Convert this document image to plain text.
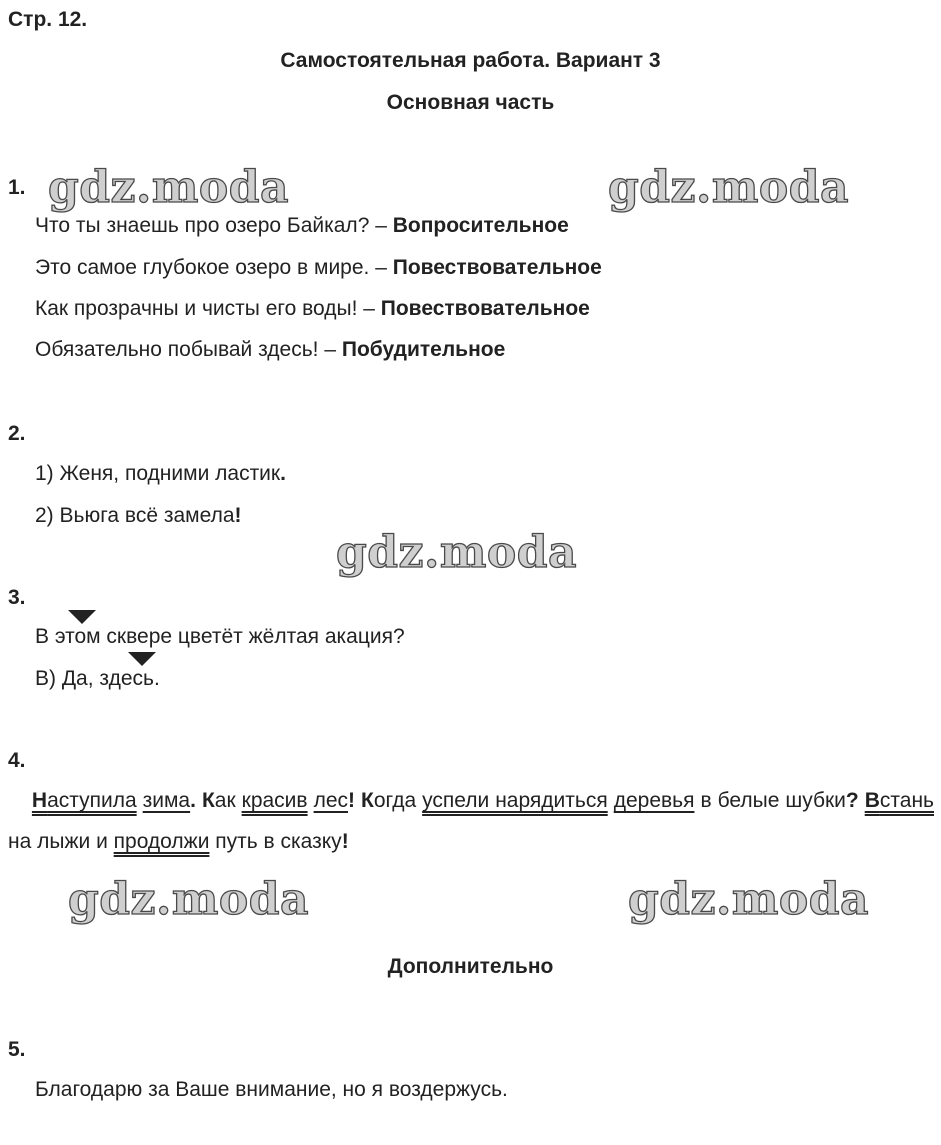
Стр. 12.
Самостоятельная работа. Вариант 3
Основная часть
gdz.moda	gdz.moda
gdz.moda
gdz.moda	gdz.moda
1.
Что ты знаешь про озеро Байкал? – Вопросительное
Это самое глубокое озеро в мире. – Повествовательное
Как прозрачны и чисты его воды! – Повествовательное
Обязательно побывай здесь! – Побудительное
2.
1) Женя, подними ластик.
2) Вьюга всё замела!
3.
В этом сквере цветёт жёлтая акация?
В) Да, здесь.
4.
Наступила зима. Как красив лес! Когда успели нарядиться деревья в белые шубки? Встань на лыжи и продолжи путь в сказку!
Дополнительно
5.
Благодарю за Ваше внимание, но я воздержусь.
